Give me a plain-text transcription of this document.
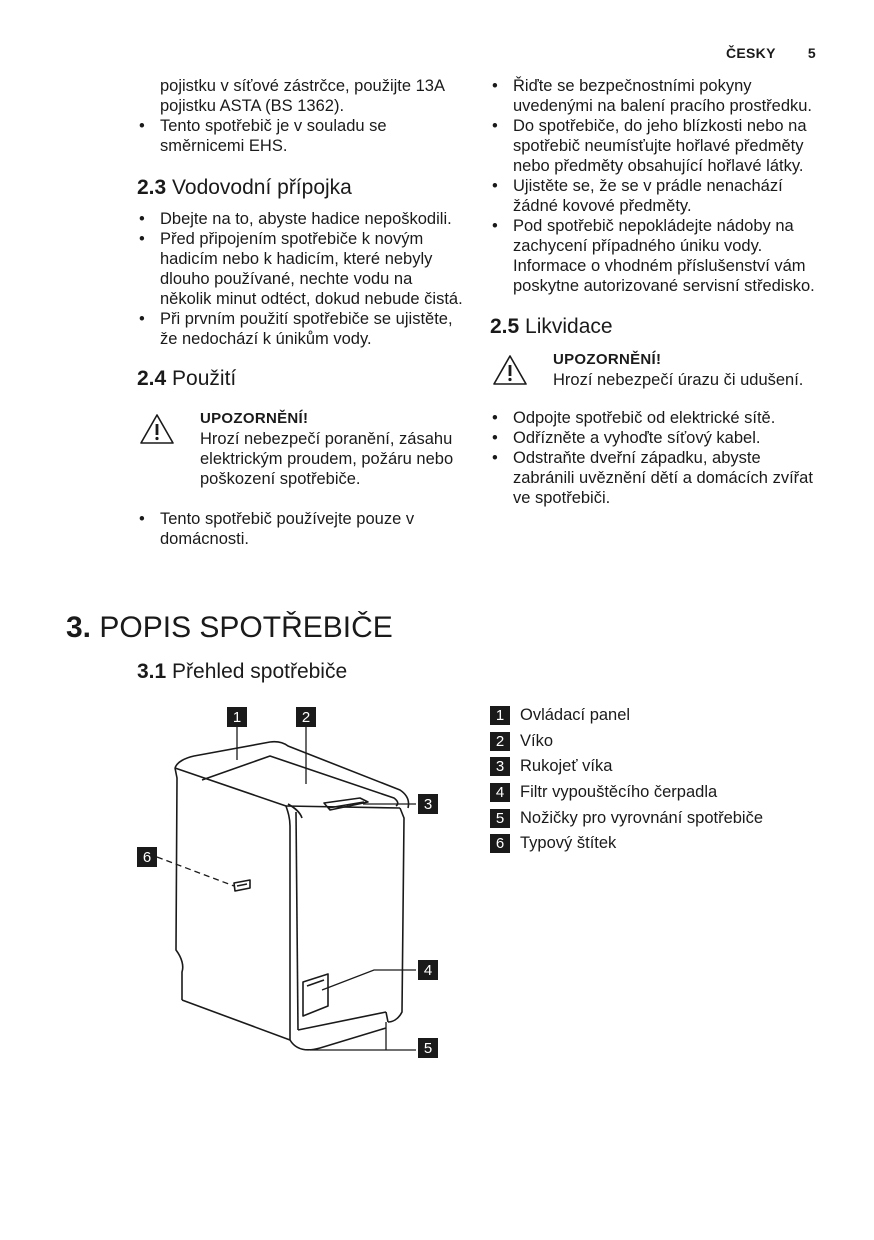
ČESKY 5
pojistku v síťové zástrčce, použijte 13A pojistku ASTA (BS 1362).
• Tento spotřebič je v souladu se směrnicemi EHS.
2.3 Vodovodní přípojka
• Dbejte na to, abyste hadice nepoškodili.
• Před připojením spotřebiče k novým hadicím nebo k hadicím, které nebyly dlouho používané, nechte vodu na několik minut odtéct, dokud nebude čistá.
• Při prvním použití spotřebiče se ujistěte, že nedochází k únikům vody.
2.4 Použití
UPOZORNĚNÍ!
Hrozí nebezpečí poranění, zásahu elektrickým proudem, požáru nebo poškození spotřebiče.
• Tento spotřebič používejte pouze v domácnosti.
• Řiďte se bezpečnostními pokyny uvedenými na balení pracího prostředku.
• Do spotřebiče, do jeho blízkosti nebo na spotřebič neumísťujte hořlavé předměty nebo předměty obsahující hořlavé látky.
• Ujistěte se, že se v prádle nenachází žádné kovové předměty.
• Pod spotřebič nepokládejte nádoby na zachycení případného úniku vody. Informace o vhodném příslušenství vám poskytne autorizované servisní středisko.
2.5 Likvidace
UPOZORNĚNÍ!
Hrozí nebezpečí úrazu či udušení.
• Odpojte spotřebič od elektrické sítě.
• Odřízněte a vyhoďte síťový kabel.
• Odstraňte dveřní západku, abyste zabránili uvěznění dětí a domácích zvířat ve spotřebiči.
3. POPIS SPOTŘEBIČE
3.1 Přehled spotřebiče
1	2
3
4
5
6
1 Ovládací panel
2 Víko
3 Rukojeť víka
4 Filtr vypouštěcího čerpadla
5 Nožičky pro vyrovnání spotřebiče
6 Typový štítek
